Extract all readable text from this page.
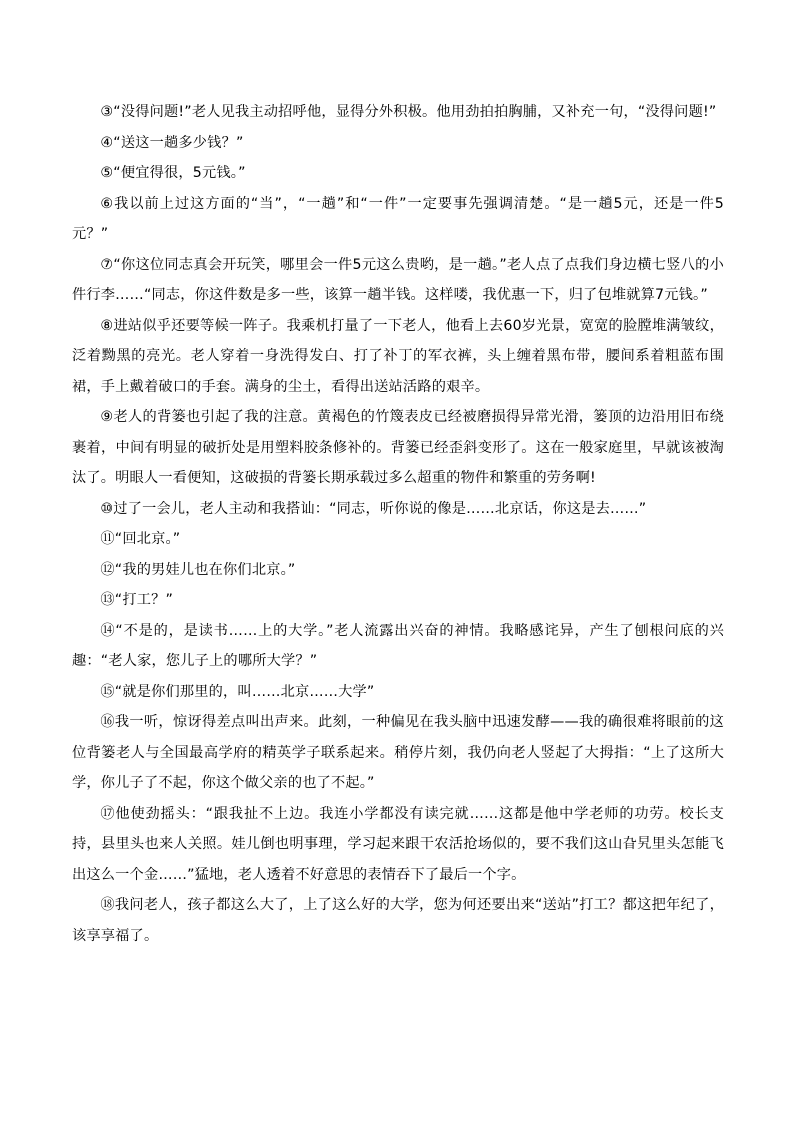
③“没得问题!”老人见我主动招呼他，显得分外积极。他用劲拍拍胸脯，又补充一句，“没得问题!”

④“送这一趟多少钱？”

⑤“便宜得很，5元钱。”

⑥我以前上过这方面的“当”，“一趟”和“一件”一定要事先强调清楚。“是一趟5元，还是一件5元？”

⑦“你这位同志真会开玩笑，哪里会一件5元这么贵哟，是一趟。”老人点了点我们身边横七竖八的小件行李……“同志，你这件数是多一些，该算一趟半钱。这样喽，我优惠一下，归了包堆就算7元钱。”

⑧进站似乎还要等候一阵子。我乘机打量了一下老人，他看上去60岁光景，宽宽的脸膛堆满皱纹，泛着黝黑的亮光。老人穿着一身洗得发白、打了补丁的军衣裤，头上缠着黑布带，腰间系着粗蓝布围裙，手上戴着破口的手套。满身的尘土，看得出送站活路的艰辛。

⑨老人的背篓也引起了我的注意。黄褐色的竹篾表皮已经被磨损得异常光滑，篓顶的边沿用旧布绕裹着，中间有明显的破折处是用塑料胶条修补的。背篓已经歪斜变形了。这在一般家庭里，早就该被淘汰了。明眼人一看便知，这破损的背篓长期承载过多么超重的物件和繁重的劳务啊!

⑩过了一会儿，老人主动和我搭讪：“同志，听你说的像是……北京话，你这是去……”

⑪“回北京。”

⑫“我的男娃儿也在你们北京。”

⑬“打工？”

⑭“不是的，是读书……上的大学。”老人流露出兴奋的神情。我略感诧异，产生了刨根问底的兴趣：“老人家，您儿子上的哪所大学？”

⑮“就是你们那里的，叫……北京……大学”

⑯我一听，惊讶得差点叫出声来。此刻，一种偏见在我头脑中迅速发酵——我的确很难将眼前的这位背篓老人与全国最高学府的精英学子联系起来。稍停片刻，我仍向老人竖起了大拇指：“上了这所大学，你儿子了不起，你这个做父亲的也了不起。”

⑰他使劲摇头：“跟我扯不上边。我连小学都没有读完就……这都是他中学老师的功劳。校长支持，县里头也来人关照。娃儿倒也明事理，学习起来跟干农活抢场似的，要不我们这山旮旯里头怎能飞出这么一个金……”猛地，老人透着不好意思的表情吞下了最后一个字。

⑱我问老人，孩子都这么大了，上了这么好的大学，您为何还要出来“送站”打工？都这把年纪了，该享享福了。
